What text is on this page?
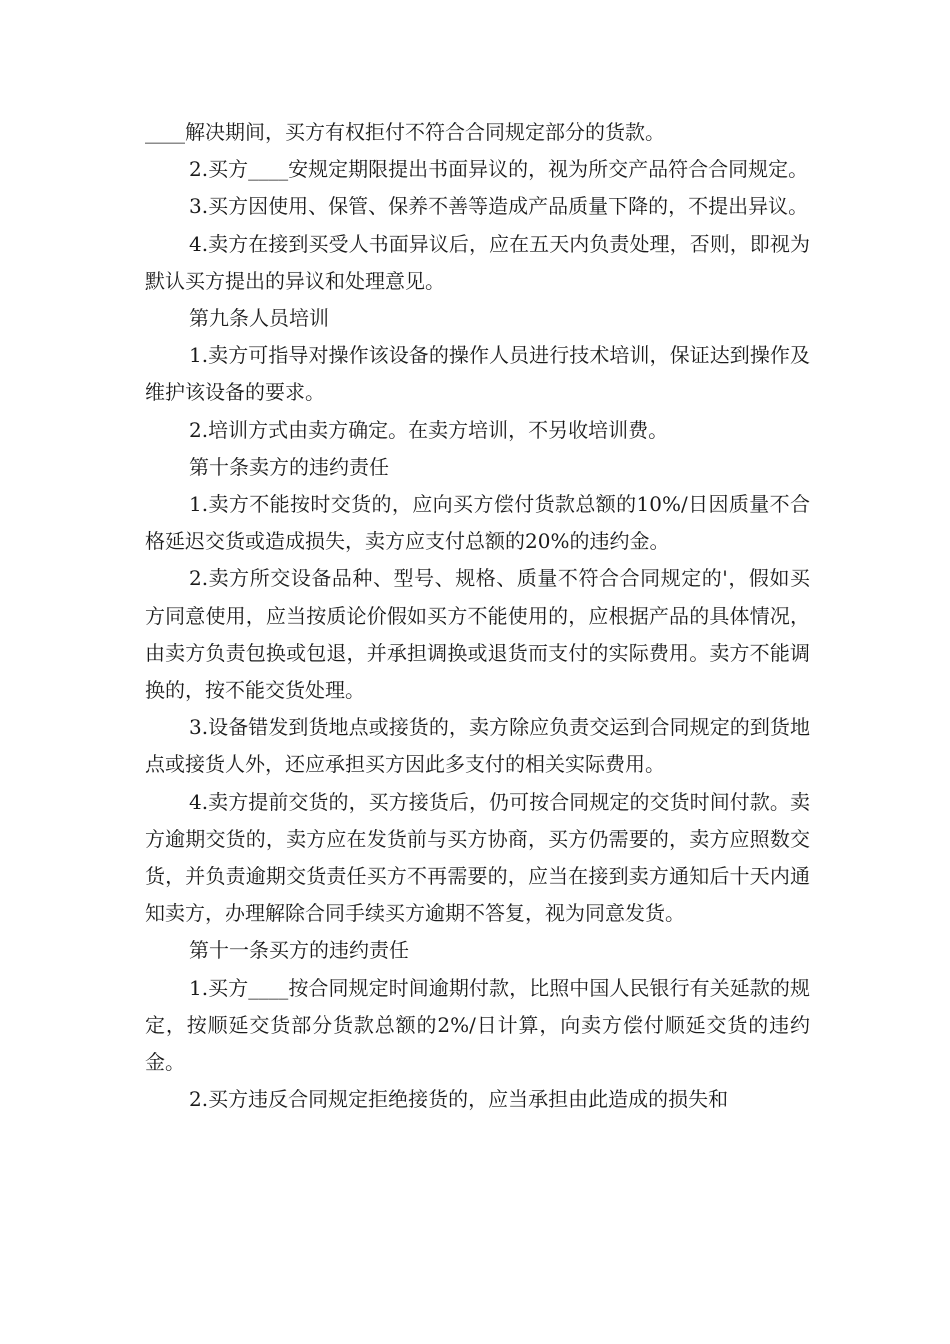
____解决期间，买方有权拒付不符合合同规定部分的货款。

2.买方____安规定期限提出书面异议的，视为所交产品符合合同规定。

3.买方因使用、保管、保养不善等造成产品质量下降的，不提出异议。

4.卖方在接到买受人书面异议后，应在五天内负责处理，否则，即视为默认买方提出的异议和处理意见。

第九条人员培训

1.卖方可指导对操作该设备的操作人员进行技术培训，保证达到操作及维护该设备的要求。

2.培训方式由卖方确定。在卖方培训，不另收培训费。

第十条卖方的违约责任

1.卖方不能按时交货的，应向买方偿付货款总额的10%/日因质量不合格延迟交货或造成损失，卖方应支付总额的20%的违约金。

2.卖方所交设备品种、型号、规格、质量不符合合同规定的'，假如买方同意使用，应当按质论价假如买方不能使用的，应根据产品的具体情况，由卖方负责包换或包退，并承担调换或退货而支付的实际费用。卖方不能调换的，按不能交货处理。

3.设备错发到货地点或接货的，卖方除应负责交运到合同规定的到货地点或接货人外，还应承担买方因此多支付的相关实际费用。

4.卖方提前交货的，买方接货后，仍可按合同规定的交货时间付款。卖方逾期交货的，卖方应在发货前与买方协商，买方仍需要的，卖方应照数交货，并负责逾期交货责任买方不再需要的，应当在接到卖方通知后十天内通知卖方，办理解除合同手续买方逾期不答复，视为同意发货。

第十一条买方的违约责任

1.买方____按合同规定时间逾期付款，比照中国人民银行有关延款的规定，按顺延交货部分货款总额的2%/日计算，向卖方偿付顺延交货的违约金。

2.买方违反合同规定拒绝接货的，应当承担由此造成的损失和
